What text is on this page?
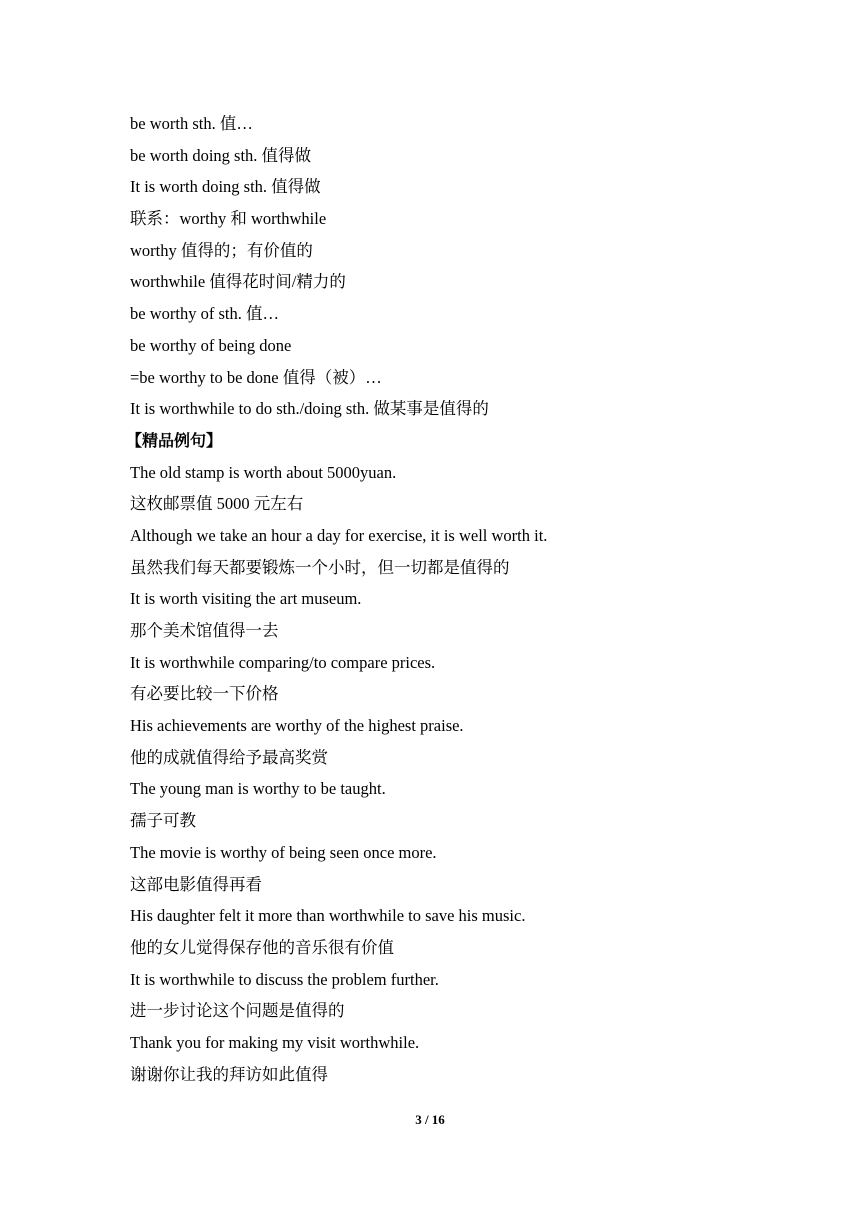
be worth sth. 值…
be worth doing sth. 值得做
It is worth doing sth. 值得做
联系：worthy 和 worthwhile
worthy 值得的；有价值的
worthwhile 值得花时间/精力的
be worthy of sth. 值…
be worthy of being done
=be worthy to be done 值得（被）…
It is worthwhile to do sth./doing sth. 做某事是值得的
【精品例句】
The old stamp is worth about 5000yuan.
这枚邮票值 5000 元左右
Although we take an hour a day for exercise, it is well worth it.
虽然我们每天都要锻炼一个小时，但一切都是值得的
It is worth visiting the art museum.
那个美术馆值得一去
It is worthwhile comparing/to compare prices.
有必要比较一下价格
His achievements are worthy of the highest praise.
他的成就值得给予最高奖赏
The young man is worthy to be taught.
孺子可教
The movie is worthy of being seen once more.
这部电影值得再看
His daughter felt it more than worthwhile to save his music.
他的女儿觉得保存他的音乐很有价值
It is worthwhile to discuss the problem further.
进一步讨论这个问题是值得的
Thank you for making my visit worthwhile.
谢谢你让我的拜访如此值得
3 / 16
